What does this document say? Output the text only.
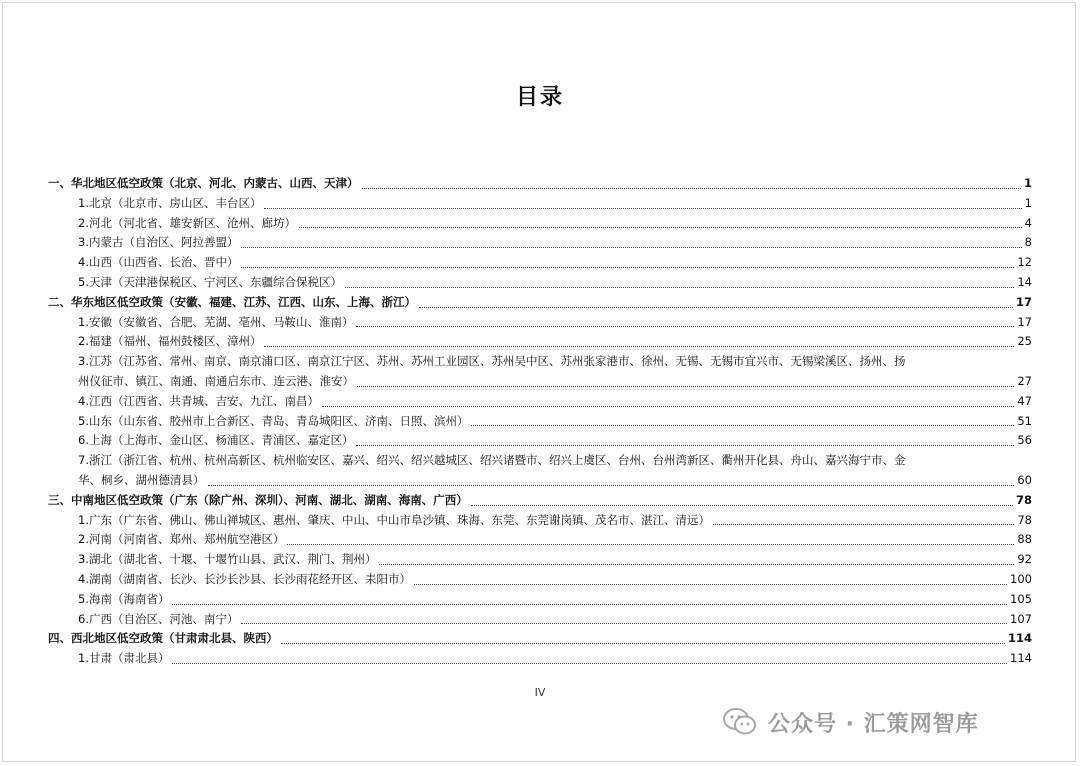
目录
一、华北地区低空政策（北京、河北、内蒙古、山西、天津）	1
1.北京（北京市、房山区、丰台区）	1
2.河北（河北省、雄安新区、沧州、廊坊）	4
3.内蒙古（自治区、阿拉善盟）	8
4.山西（山西省、长治、晋中）	12
5.天津（天津港保税区、宁河区、东疆综合保税区）	14
二、华东地区低空政策（安徽、福建、江苏、江西、山东、上海、浙江）	17
1.安徽（安徽省、合肥、芜湖、亳州、马鞍山、淮南）	17
2.福建（福州、福州鼓楼区、漳州）	25
3.江苏（江苏省、常州、南京、南京浦口区、南京江宁区、苏州、苏州工业园区、苏州吴中区、苏州张家港市、徐州、无锡、无锡市宜兴市、无锡梁溪区、扬州、扬
州仪征市、镇江、南通、南通启东市、连云港、淮安）	27
4.江西（江西省、共青城、吉安、九江、南昌）	47
5.山东（山东省、胶州市上合新区、青岛、青岛城阳区、济南、日照、滨州）	51
6.上海（上海市、金山区、杨浦区、青浦区、嘉定区）	56
7.浙江（浙江省、杭州、杭州高新区、杭州临安区、嘉兴、绍兴、绍兴越城区、绍兴诸暨市、绍兴上虞区、台州、台州湾新区、衢州开化县、舟山、嘉兴海宁市、金
华、桐乡、湖州德清县）	60
三、中南地区低空政策（广东（除广州、深圳）、河南、湖北、湖南、海南、广西）	78
1.广东（广东省、佛山、佛山禅城区、惠州、肇庆、中山、中山市阜沙镇、珠海、东莞、东莞谢岗镇、茂名市、湛江、清远）	78
2.河南（河南省、郑州、郑州航空港区）	88
3.湖北（湖北省、十堰、十堰竹山县、武汉、荆门、荆州）	92
4.湖南（湖南省、长沙、长沙长沙县、长沙雨花经开区、耒阳市）	100
5.海南（海南省）	105
6.广西（自治区、河池、南宁）	107
四、西北地区低空政策（甘肃肃北县、陕西）	114
1.甘肃（肃北县）	114
IV
公众号 · 汇策网智库
